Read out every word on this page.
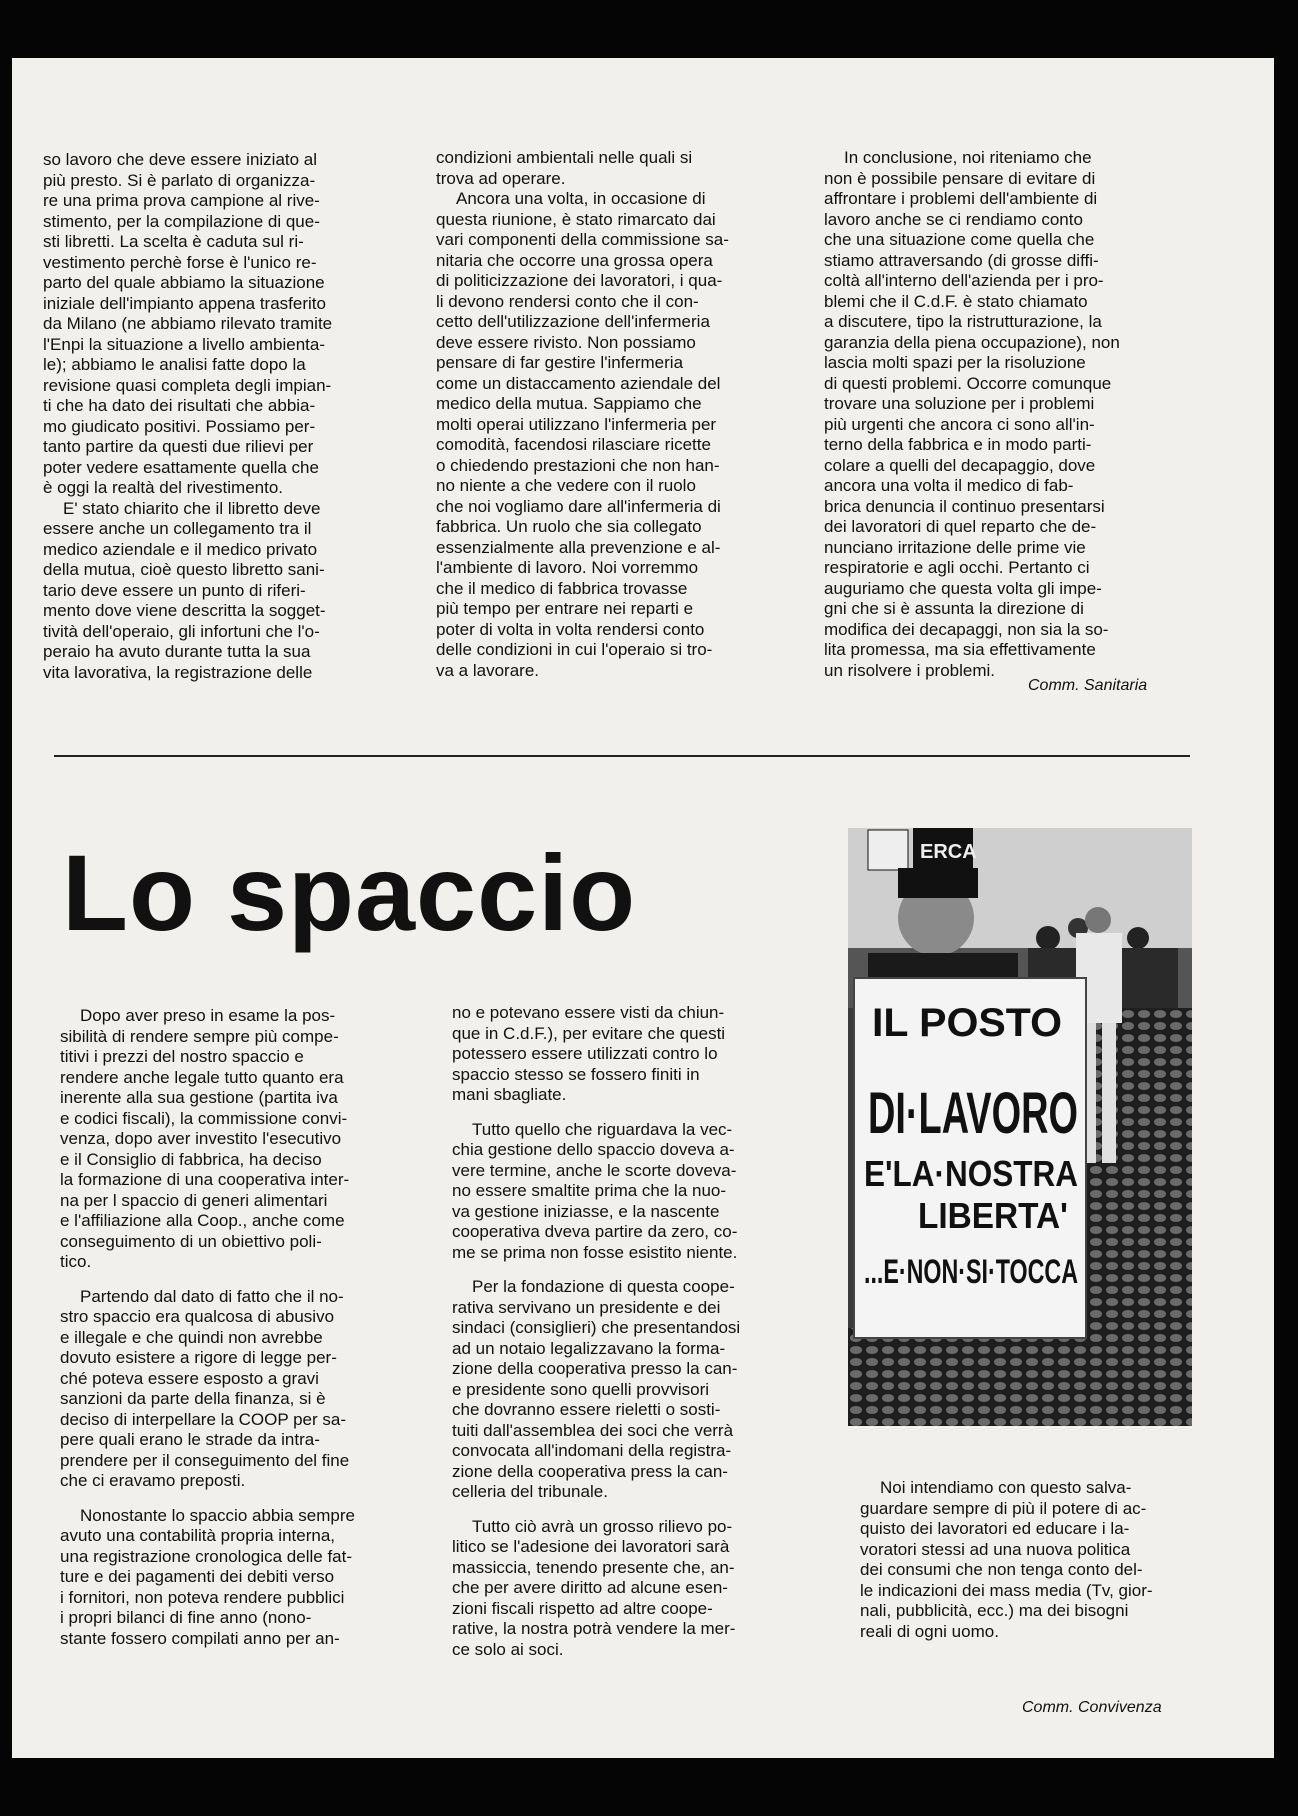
so lavoro che deve essere iniziato al
più presto. Si è parlato di organizza-
re una prima prova campione al rive-
stimento, per la compilazione di que-
sti libretti. La scelta è caduta sul ri-
vestimento perchè forse è l'unico re-
parto del quale abbiamo la situazione
iniziale dell'impianto appena trasferito
da Milano (ne abbiamo rilevato tramite
l'Enpi la situazione a livello ambienta-
le); abbiamo le analisi fatte dopo la
revisione quasi completa degli impian-
ti che ha dato dei risultati che abbia-
mo giudicato positivi. Possiamo per-
tanto partire da questi due rilievi per
poter vedere esattamente quella che
è oggi la realtà del rivestimento.
E' stato chiarito che il libretto deve
essere anche un collegamento tra il
medico aziendale e il medico privato
della mutua, cioè questo libretto sani-
tario deve essere un punto di riferi-
mento dove viene descritta la sogget-
tività dell'operaio, gli infortuni che l'o-
peraio ha avuto durante tutta la sua
vita lavorativa, la registrazione delle

condizioni ambientali nelle quali si
trova ad operare.
Ancora una volta, in occasione di
questa riunione, è stato rimarcato dai
vari componenti della commissione sa-
nitaria che occorre una grossa opera
di politicizzazione dei lavoratori, i qua-
li devono rendersi conto che il con-
cetto dell'utilizzazione dell'infermeria
deve essere rivisto. Non possiamo
pensare di far gestire l'infermeria
come un distaccamento aziendale del
medico della mutua. Sappiamo che
molti operai utilizzano l'infermeria per
comodità, facendosi rilasciare ricette
o chiedendo prestazioni che non han-
no niente a che vedere con il ruolo
che noi vogliamo dare all'infermeria di
fabbrica. Un ruolo che sia collegato
essenzialmente alla prevenzione e al-
l'ambiente di lavoro. Noi vorremmo
che il medico di fabbrica trovasse
più tempo per entrare nei reparti e
poter di volta in volta rendersi conto
delle condizioni in cui l'operaio si tro-
va a lavorare.

In conclusione, noi riteniamo che
non è possibile pensare di evitare di
affrontare i problemi dell'ambiente di
lavoro anche se ci rendiamo conto
che una situazione come quella che
stiamo attraversando (di grosse diffi-
coltà all'interno dell'azienda per i pro-
blemi che il C.d.F. è stato chiamato
a discutere, tipo la ristrutturazione, la
garanzia della piena occupazione), non
lascia molti spazi per la risoluzione
di questi problemi. Occorre comunque
trovare una soluzione per i problemi
più urgenti che ancora ci sono all'in-
terno della fabbrica e in modo parti-
colare a quelli del decapaggio, dove
ancora una volta il medico di fab-
brica denuncia il continuo presentarsi
dei lavoratori di quel reparto che de-
nunciano irritazione delle prime vie
respiratorie e agli occhi. Pertanto ci
auguriamo che questa volta gli impe-
gni che si è assunta la direzione di
modifica dei decapaggi, non sia la so-
lita promessa, ma sia effettivamente
un risolvere i problemi.

Comm. Sanitaria
Lo spaccio

Dopo aver preso in esame la pos-
sibilità di rendere sempre più compe-
titivi i prezzi del nostro spaccio e
rendere anche legale tutto quanto era
inerente alla sua gestione (partita iva
e codici fiscali), la commissione convi-
venza, dopo aver investito l'esecutivo
e il Consiglio di fabbrica, ha deciso
la formazione di una cooperativa inter-
na per l spaccio di generi alimentari
e l'affiliazione alla Coop., anche come
conseguimento di un obiettivo poli-
tico.

Partendo dal dato di fatto che il no-
stro spaccio era qualcosa di abusivo
e illegale e che quindi non avrebbe
dovuto esistere a rigore di legge per-
ché poteva essere esposto a gravi
sanzioni da parte della finanza, si è
deciso di interpellare la COOP per sa-
pere quali erano le strade da intra-
prendere per il conseguimento del fine
che ci eravamo preposti.

Nonostante lo spaccio abbia sempre
avuto una contabilità propria interna,
una registrazione cronologica delle fat-
ture e dei pagamenti dei debiti verso
i fornitori, non poteva rendere pubblici
i propri bilanci di fine anno (nono-
stante fossero compilati anno per an-

no e potevano essere visti da chiun-
que in C.d.F.), per evitare che questi
potessero essere utilizzati contro lo
spaccio stesso se fossero finiti in
mani sbagliate.

Tutto quello che riguardava la vec-
chia gestione dello spaccio doveva a-
vere termine, anche le scorte doveva-
no essere smaltite prima che la nuo-
va gestione iniziasse, e la nascente
cooperativa dveva partire da zero, co-
me se prima non fosse esistito niente.

Per la fondazione di questa coope-
rativa servivano un presidente e dei
sindaci (consiglieri) che presentandosi
ad un notaio legalizzavano la forma-
zione della cooperativa presso la can-
e presidente sono quelli provvisori
che dovranno essere rieletti o sosti-
tuiti dall'assemblea dei soci che verrà
convocata all'indomani della registra-
zione della cooperativa press la can-
celleria del tribunale.

Tutto ciò avrà un grosso rilievo po-
litico se l'adesione dei lavoratori sarà
massiccia, tenendo presente che, an-
che per avere diritto ad alcune esen-
zioni fiscali rispetto ad altre coope-
rative, la nostra potrà vendere la mer-
ce solo ai soci.

ERCA
IL POSTO
DI·LAVORO
E'LA·NOSTRA
LIBERTA'
...E·NON·SI·TOCCA

Noi intendiamo con questo salva-
guardare sempre di più il potere di ac-
quisto dei lavoratori ed educare i la-
voratori stessi ad una nuova politica
dei consumi che non tenga conto del-
le indicazioni dei mass media (Tv, gior-
nali, pubblicità, ecc.) ma dei bisogni
reali di ogni uomo.

Comm. Convivenza
